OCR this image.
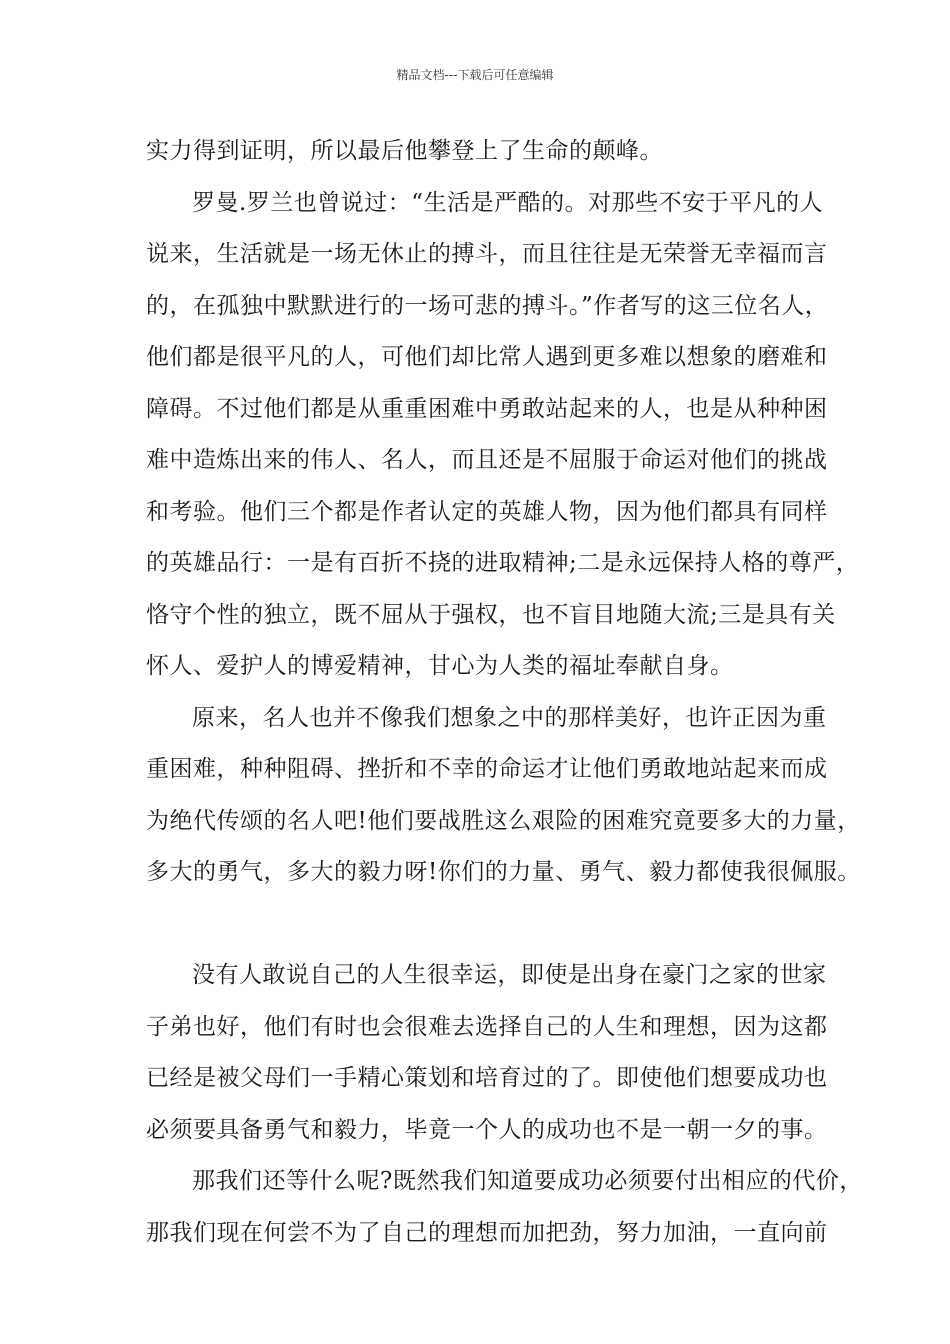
精品文档---下载后可任意编辑
实力得到证明，所以最后他攀登上了生命的颠峰。
罗曼.罗兰也曾说过：“生活是严酷的。对那些不安于平凡的人
说来，生活就是一场无休止的搏斗，而且往往是无荣誉无幸福而言
的，在孤独中默默进行的一场可悲的搏斗。”作者写的这三位名人，
他们都是很平凡的人，可他们却比常人遇到更多难以想象的磨难和
障碍。不过他们都是从重重困难中勇敢站起来的人，也是从种种困
难中造炼出来的伟人、名人，而且还是不屈服于命运对他们的挑战
和考验。他们三个都是作者认定的英雄人物，因为他们都具有同样
的英雄品行：一是有百折不挠的进取精神;二是永远保持人格的尊严，
恪守个性的独立，既不屈从于强权，也不盲目地随大流;三是具有关
怀人、爱护人的博爱精神，甘心为人类的福址奉献自身。
原来，名人也并不像我们想象之中的那样美好，也许正因为重
重困难，种种阻碍、挫折和不幸的命运才让他们勇敢地站起来而成
为绝代传颂的名人吧!他们要战胜这么艰险的困难究竟要多大的力量，
多大的勇气，多大的毅力呀!你们的力量、勇气、毅力都使我很佩服。
没有人敢说自己的人生很幸运，即使是出身在豪门之家的世家
子弟也好，他们有时也会很难去选择自己的人生和理想，因为这都
已经是被父母们一手精心策划和培育过的了。即使他们想要成功也
必须要具备勇气和毅力，毕竟一个人的成功也不是一朝一夕的事。
那我们还等什么呢?既然我们知道要成功必须要付出相应的代价，
那我们现在何尝不为了自己的理想而加把劲，努力加油，一直向前
